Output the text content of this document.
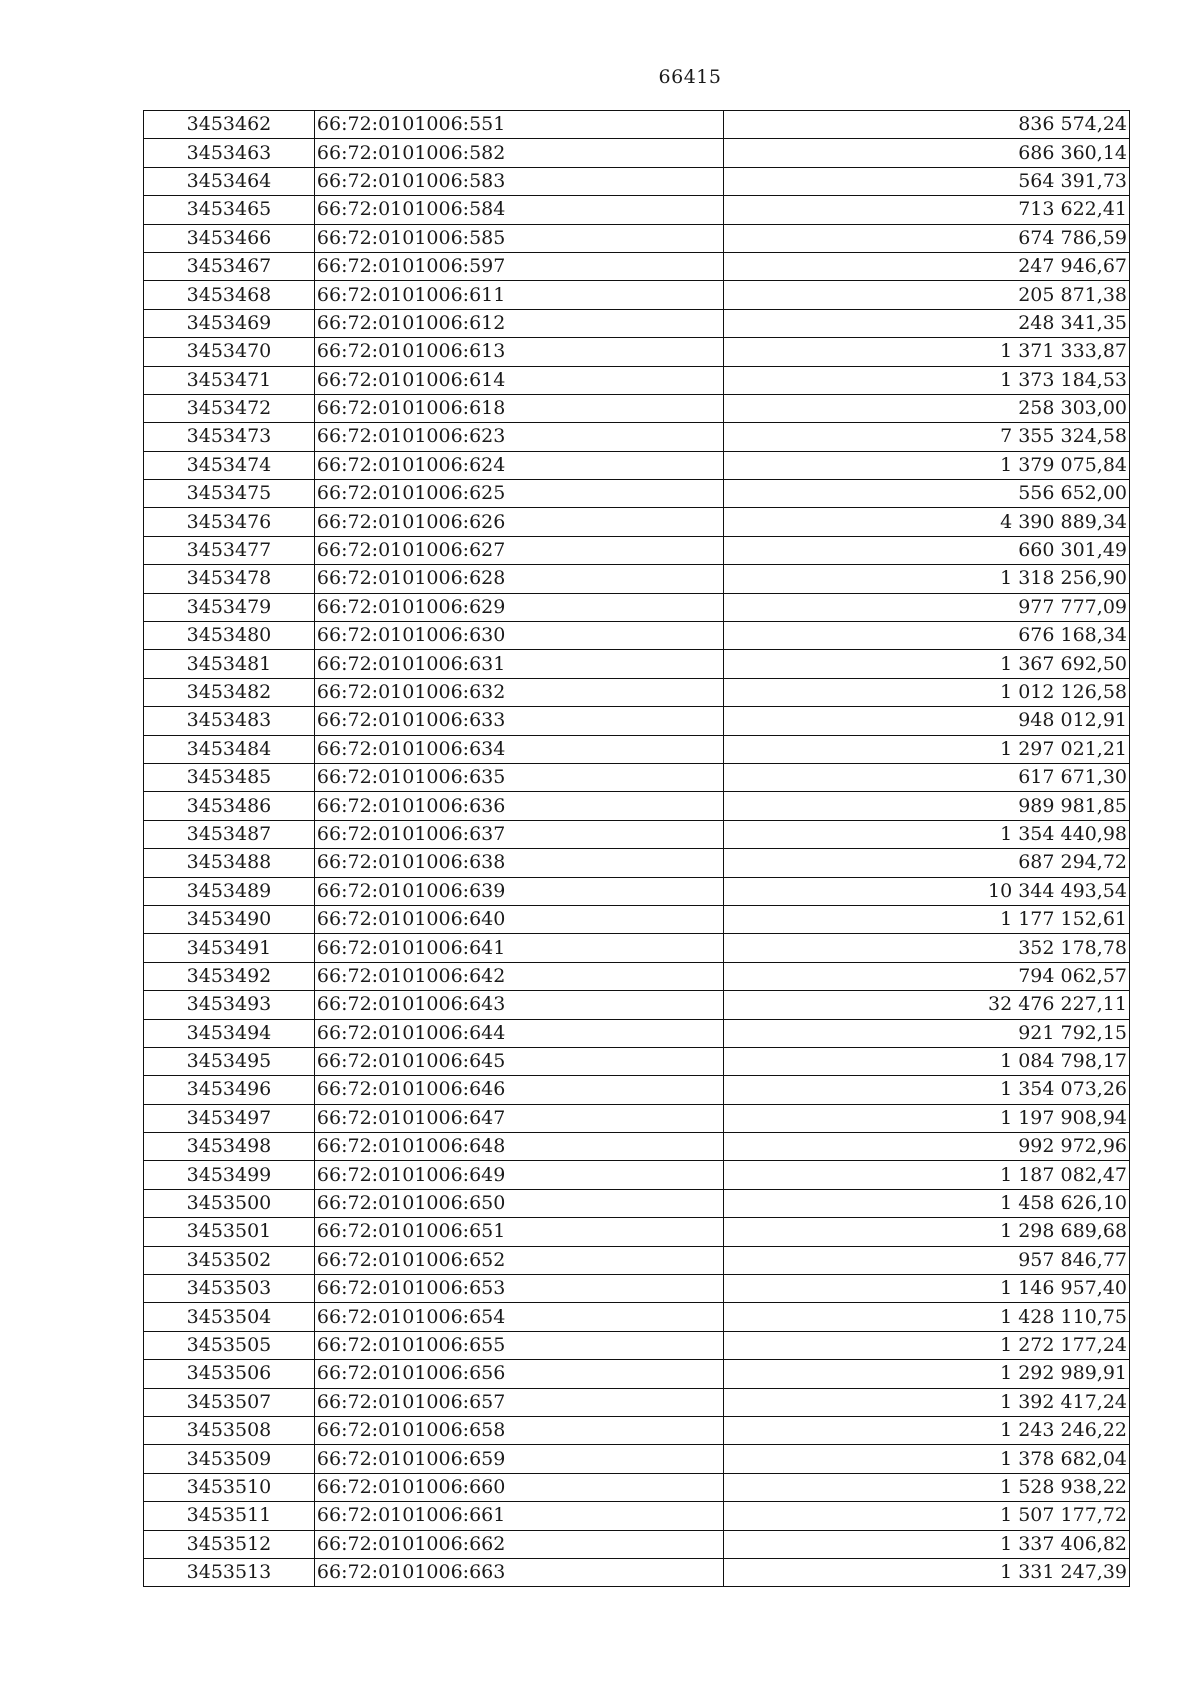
66415
3453462	66:72:0101006:551	836 574,24
3453463	66:72:0101006:582	686 360,14
3453464	66:72:0101006:583	564 391,73
3453465	66:72:0101006:584	713 622,41
3453466	66:72:0101006:585	674 786,59
3453467	66:72:0101006:597	247 946,67
3453468	66:72:0101006:611	205 871,38
3453469	66:72:0101006:612	248 341,35
3453470	66:72:0101006:613	1 371 333,87
3453471	66:72:0101006:614	1 373 184,53
3453472	66:72:0101006:618	258 303,00
3453473	66:72:0101006:623	7 355 324,58
3453474	66:72:0101006:624	1 379 075,84
3453475	66:72:0101006:625	556 652,00
3453476	66:72:0101006:626	4 390 889,34
3453477	66:72:0101006:627	660 301,49
3453478	66:72:0101006:628	1 318 256,90
3453479	66:72:0101006:629	977 777,09
3453480	66:72:0101006:630	676 168,34
3453481	66:72:0101006:631	1 367 692,50
3453482	66:72:0101006:632	1 012 126,58
3453483	66:72:0101006:633	948 012,91
3453484	66:72:0101006:634	1 297 021,21
3453485	66:72:0101006:635	617 671,30
3453486	66:72:0101006:636	989 981,85
3453487	66:72:0101006:637	1 354 440,98
3453488	66:72:0101006:638	687 294,72
3453489	66:72:0101006:639	10 344 493,54
3453490	66:72:0101006:640	1 177 152,61
3453491	66:72:0101006:641	352 178,78
3453492	66:72:0101006:642	794 062,57
3453493	66:72:0101006:643	32 476 227,11
3453494	66:72:0101006:644	921 792,15
3453495	66:72:0101006:645	1 084 798,17
3453496	66:72:0101006:646	1 354 073,26
3453497	66:72:0101006:647	1 197 908,94
3453498	66:72:0101006:648	992 972,96
3453499	66:72:0101006:649	1 187 082,47
3453500	66:72:0101006:650	1 458 626,10
3453501	66:72:0101006:651	1 298 689,68
3453502	66:72:0101006:652	957 846,77
3453503	66:72:0101006:653	1 146 957,40
3453504	66:72:0101006:654	1 428 110,75
3453505	66:72:0101006:655	1 272 177,24
3453506	66:72:0101006:656	1 292 989,91
3453507	66:72:0101006:657	1 392 417,24
3453508	66:72:0101006:658	1 243 246,22
3453509	66:72:0101006:659	1 378 682,04
3453510	66:72:0101006:660	1 528 938,22
3453511	66:72:0101006:661	1 507 177,72
3453512	66:72:0101006:662	1 337 406,82
3453513	66:72:0101006:663	1 331 247,39
